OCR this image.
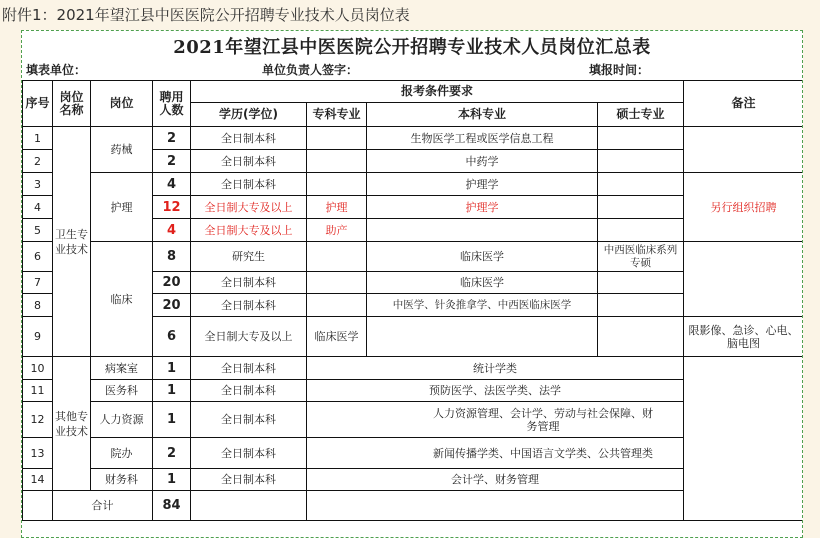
附件1：2021年望江县中医医院公开招聘专业技术人员岗位表
2021年望江县中医医院公开招聘专业技术人员岗位汇总表
填表单位：	单位负责人签字：	填报时间：
序号	岗位名称	岗位	聘用人数	报考条件要求				备注
				学历(学位)	专科专业	本科专业	硕士专业	
1	卫生专业技术	药械	2	全日制本科		生物医学工程或医学信息工程		
2			2	全日制本科		中药学		
3		护理	4	全日制本科		护理学		另行组织招聘
4			12	全日制大专及以上	护理	护理学		
5			4	全日制大专及以上	助产			
6		临床	8	研究生		临床医学	中西医临床系列专硕	
7			20	全日制本科		临床医学		
8			20	全日制本科		中医学、针灸推拿学、中西医临床医学		
9			6	全日制大专及以上	临床医学			限影像、急诊、心电、脑电图
10	其他专业技术	病案室	1	全日制本科	统计学类			
11		医务科	1	全日制本科	预防医学、法医学类、法学			
12		人力资源	1	全日制本科	人力资源管理、会计学、劳动与社会保障、财务管理			

13		院办	2	全日制本科	新闻传播学类、中国语言文学类、公共管理类			

14		财务科	1	全日制本科	会计学、财务管理			
	合计		84					
